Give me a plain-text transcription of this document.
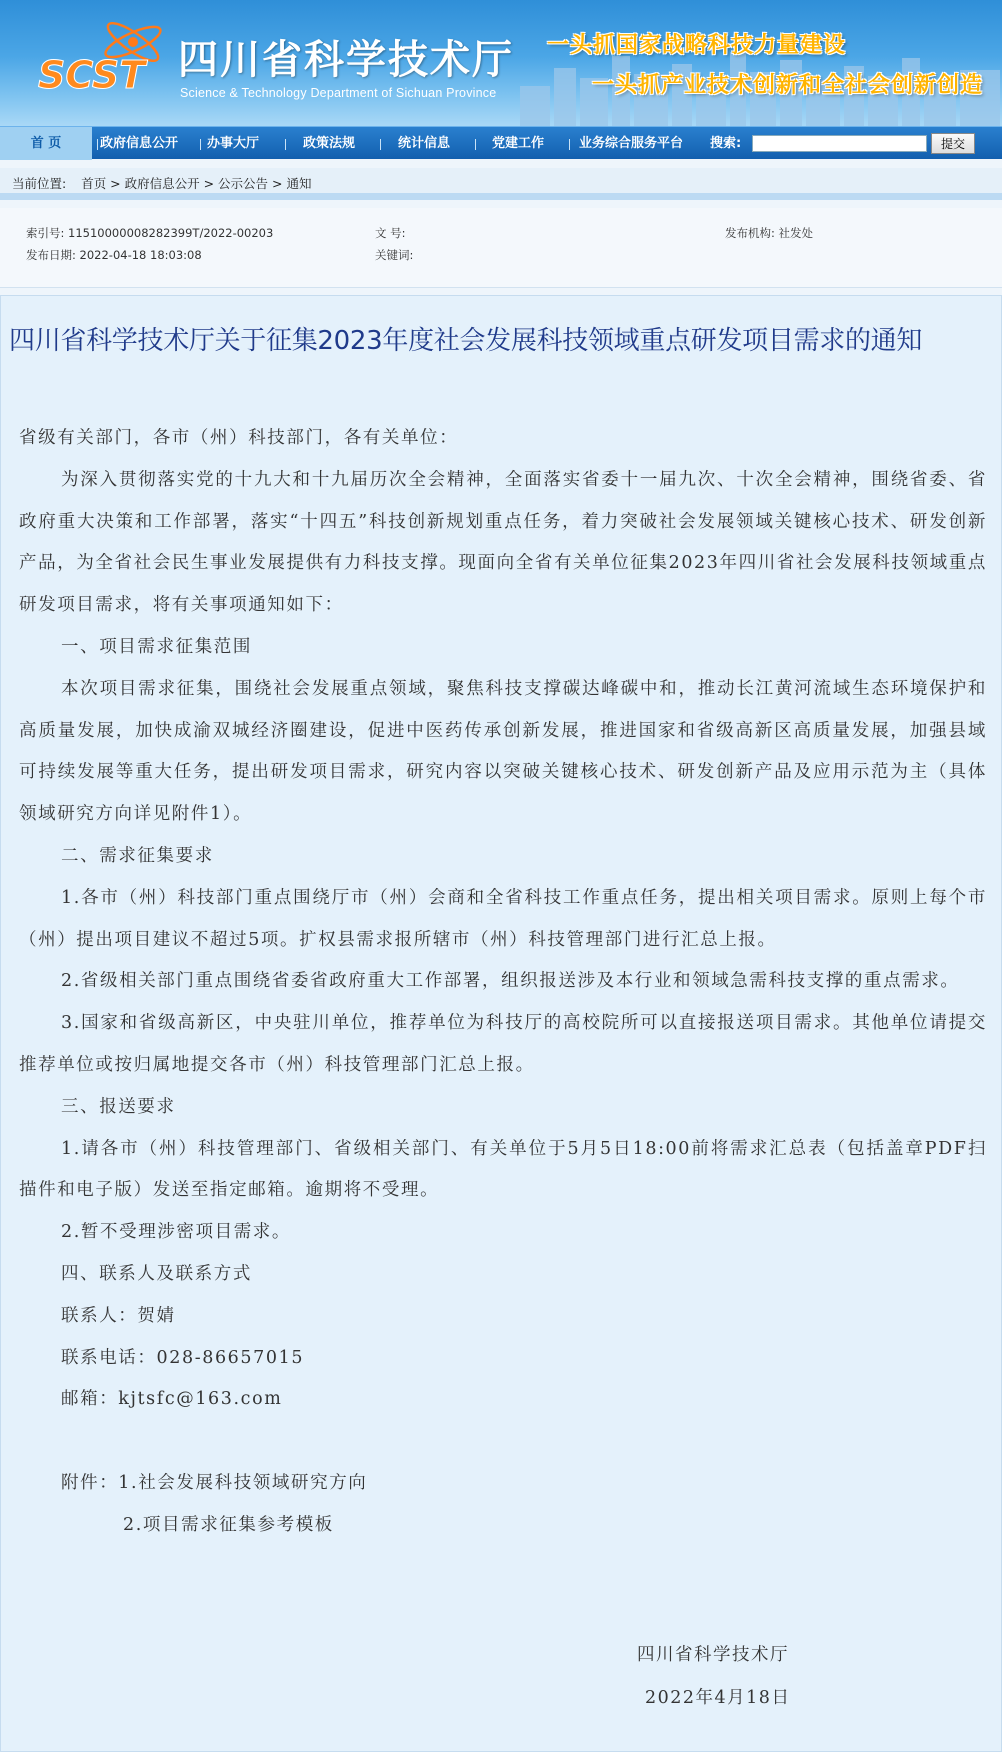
SCST 四川省科学技术厅
Science & Technology Department of Sichuan Province
一头抓国家战略科技力量建设
一头抓产业技术创新和全社会创新创造
首 页	政府信息公开 办事大厅	政策法规	统计信息	党建工作	业务综合服务平台 搜索:	提交
当前位置: 首页 > 政府信息公开 > 公示公告 > 通知
索引号: 11510000008282399T/2022-00203	文 号:	发布机构: 社发处
发布日期: 2022-04-18 18:03:08	关键词:
四川省科学技术厅关于征集2023年度社会发展科技领域重点研发项目需求的通知

省级有关部门，各市（州）科技部门，各有关单位：

为深入贯彻落实党的十九大和十九届历次全会精神，全面落实省委十一届九次、十次全会精神，围绕省委、省政府重大决策和工作部署，落实“十四五”科技创新规划重点任务，着力突破社会发展领域关键核心技术、研发创新产品，为全省社会民生事业发展提供有力科技支撑。现面向全省有关单位征集2023年四川省社会发展科技领域重点研发项目需求，将有关事项通知如下：

一、项目需求征集范围

本次项目需求征集，围绕社会发展重点领域，聚焦科技支撑碳达峰碳中和，推动长江黄河流域生态环境保护和高质量发展，加快成渝双城经济圈建设，促进中医药传承创新发展，推进国家和省级高新区高质量发展，加强县域可持续发展等重大任务，提出研发项目需求，研究内容以突破关键核心技术、研发创新产品及应用示范为主（具体领域研究方向详见附件1）。

二、需求征集要求

1.各市（州）科技部门重点围绕厅市（州）会商和全省科技工作重点任务，提出相关项目需求。原则上每个市（州）提出项目建议不超过5项。扩权县需求报所辖市（州）科技管理部门进行汇总上报。

2.省级相关部门重点围绕省委省政府重大工作部署，组织报送涉及本行业和领域急需科技支撑的重点需求。

3.国家和省级高新区，中央驻川单位，推荐单位为科技厅的高校院所可以直接报送项目需求。其他单位请提交推荐单位或按归属地提交各市（州）科技管理部门汇总上报。

三、报送要求

1.请各市（州）科技管理部门、省级相关部门、有关单位于5月5日18:00前将需求汇总表（包括盖章PDF扫描件和电子版）发送至指定邮箱。逾期将不受理。

2.暂不受理涉密项目需求。

四、联系人及联系方式

联系人：贺婧

联系电话：028-86657015

邮箱：kjtsfc@163.com

附件：1.社会发展科技领域研究方向

2.项目需求征集参考模板

四川省科学技术厅
2022年4月18日
